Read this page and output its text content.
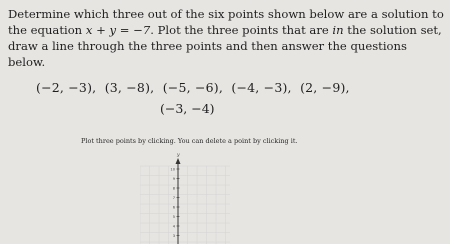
Determine which three out of the six points shown below are a solution to the equation x + y = −7. Plot the three points that are in the solution set, draw a line through the three points and then answer the questions below.
(−2, −3), (3, −8), (−5, −6), (−4, −3), (2, −9),
(−3, −4)
Plot three points by clicking. You can delete a point by clicking it.
y
10
9
8
7
6
5
4
3
